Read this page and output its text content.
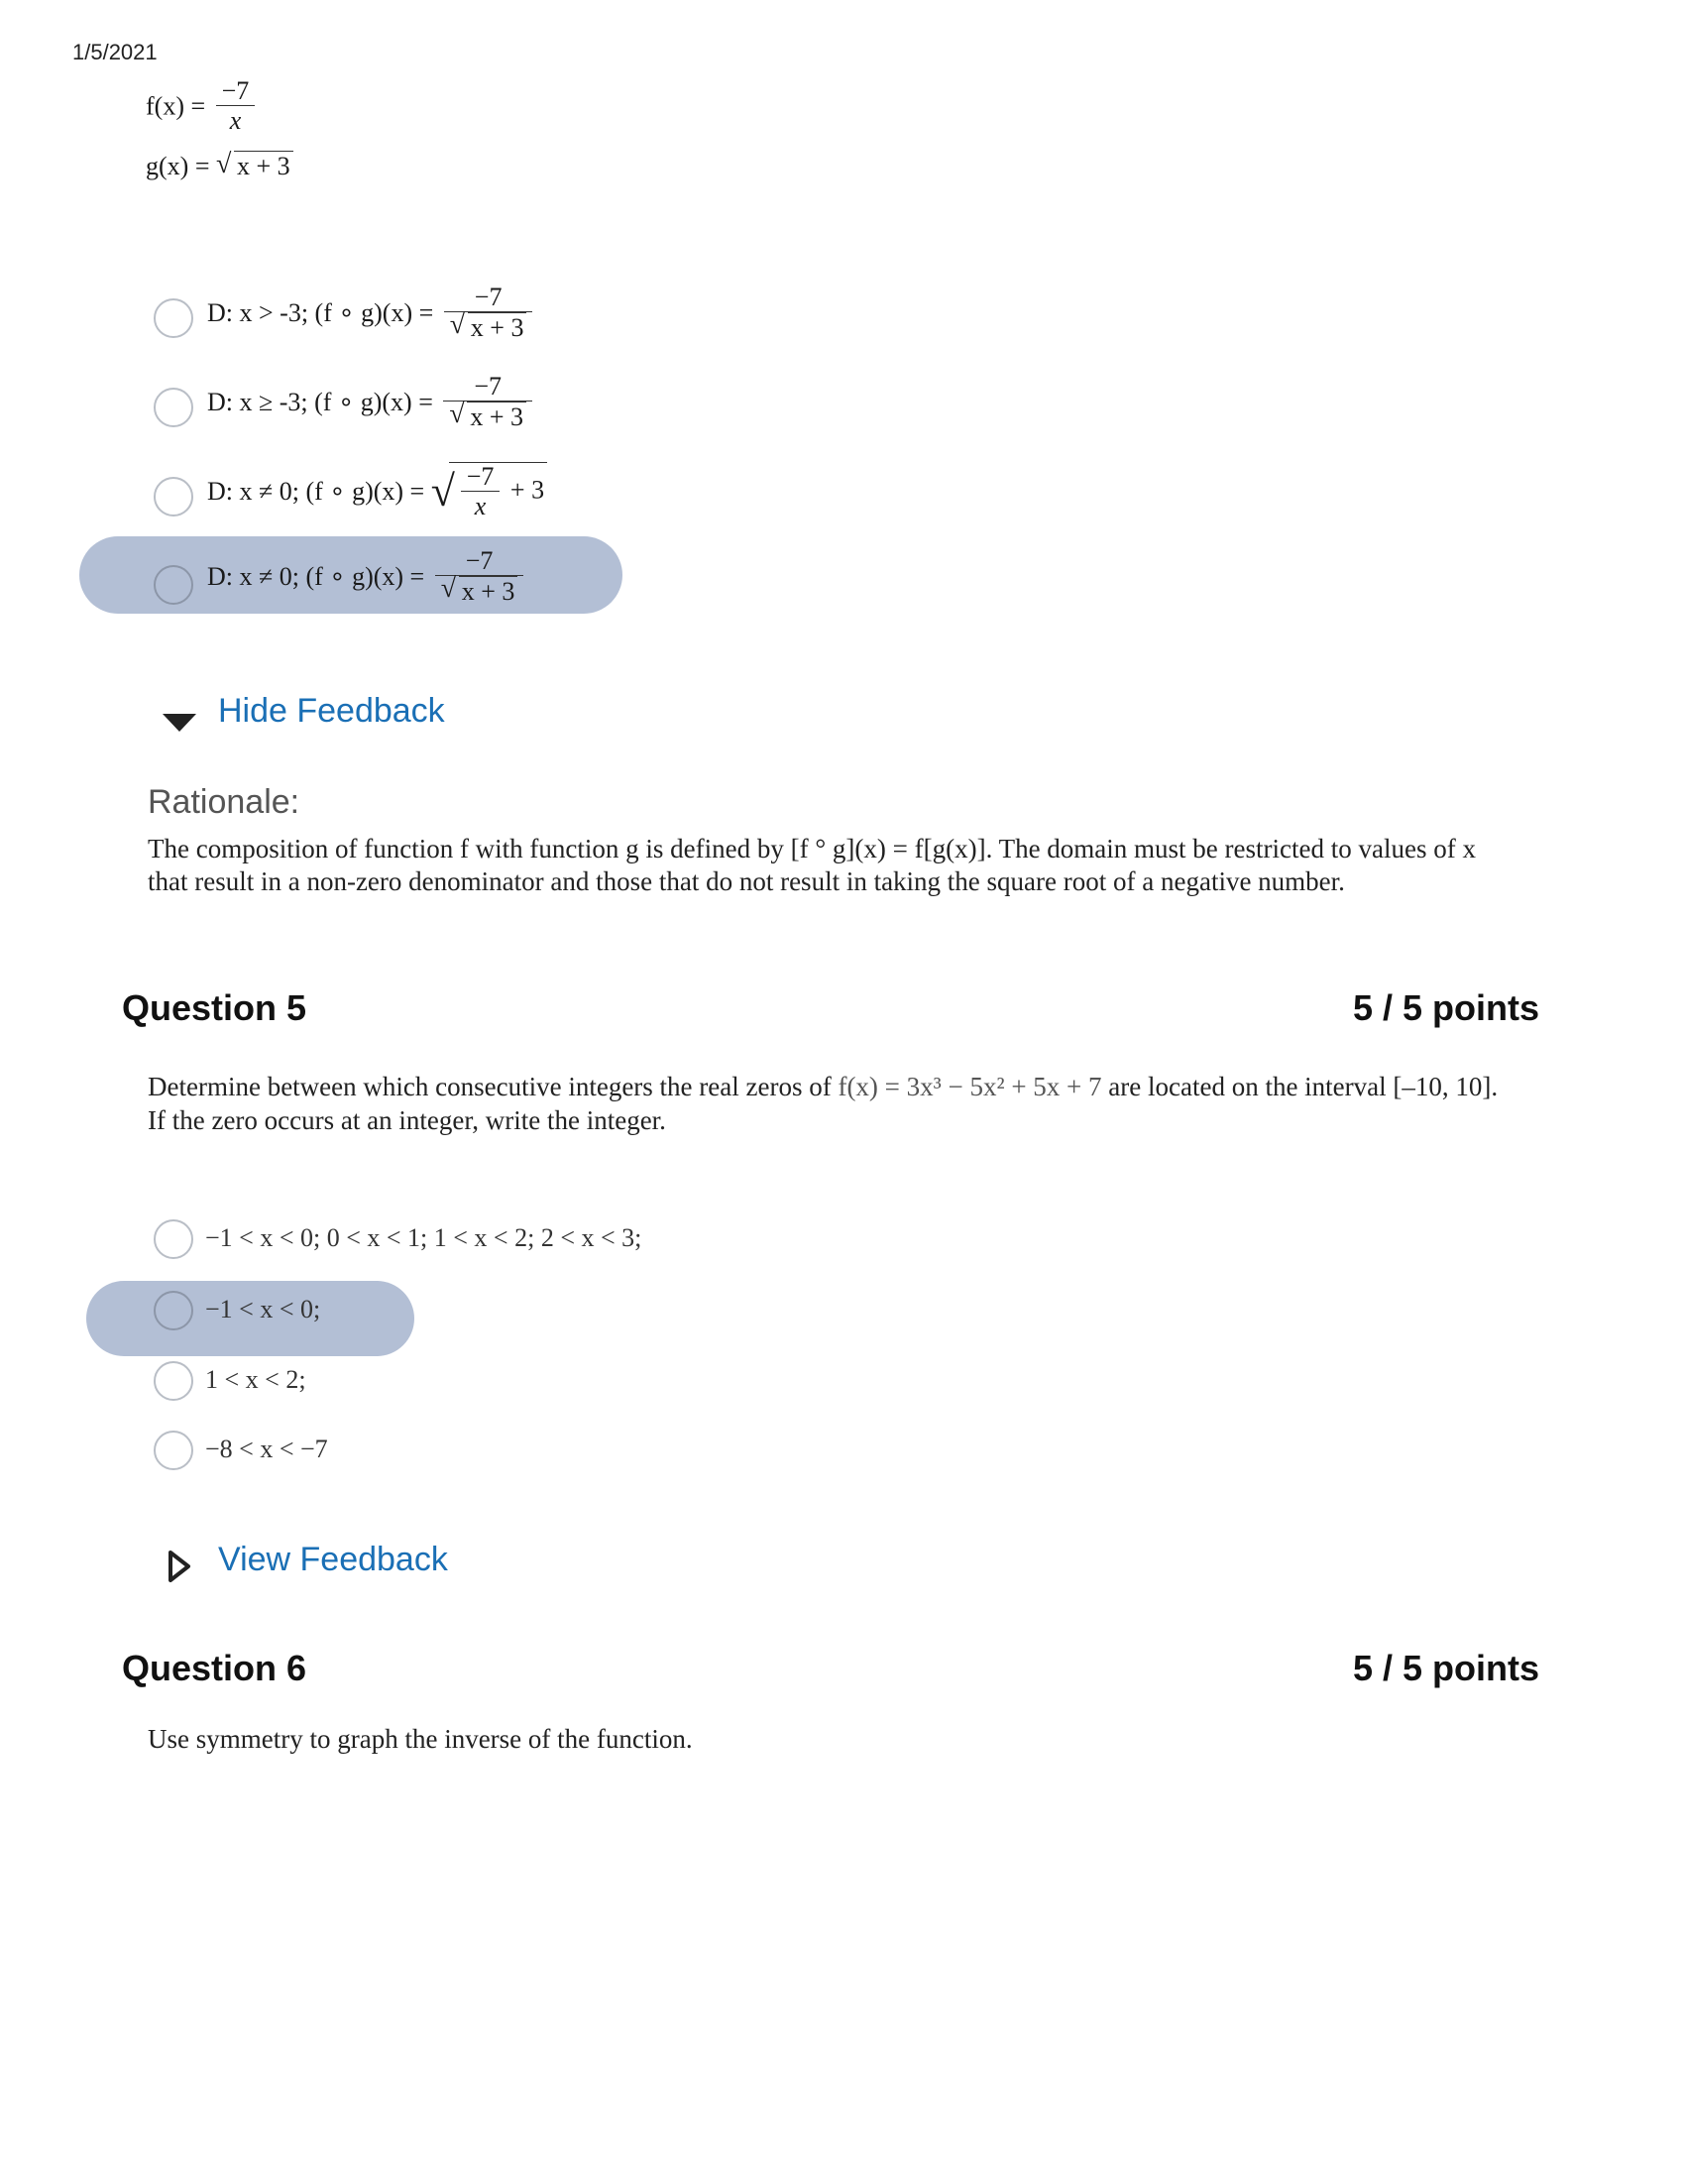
1/5/2021
$f(x) = \frac{-7}{x}$
g(x) = √ x + 3
D: x > -3; (f ∘ $g)(x) = \frac{-7}{√ x + 3}$
D: x ≥ -3; (f ∘ $g)(x) = \frac{-7}{√ x + 3}$
D: x ≠ 0; (f ∘ g)(x) = √ $\frac{-7}{x} + 3$
D: x ≠ 0; (f ∘ $g)(x) = \frac{-7}{√ x + 3}$
Hide Feedback
Rationale:
The composition of function f with function g is defined by [f ° g](x) = f[g(x)]. The domain must be restricted to values of x
that result in a non-zero denominator and those that do not result in taking the square root of a negative number.
Question 5	5 / 5 points
Determine between which consecutive integers the real zeros of f(x) = 3x³ − 5x² + 5x + 7 are located on the interval [–10, 10].
If the zero occurs at an integer, write the integer.
−1 < x < 0; 0 < x < 1; 1 < x < 2; 2 < x < 3;
−1 < x < 0;
1 < x < 2;
−8 < x < −7
View Feedback
Question 6	5 / 5 points
Use symmetry to graph the inverse of the function.
